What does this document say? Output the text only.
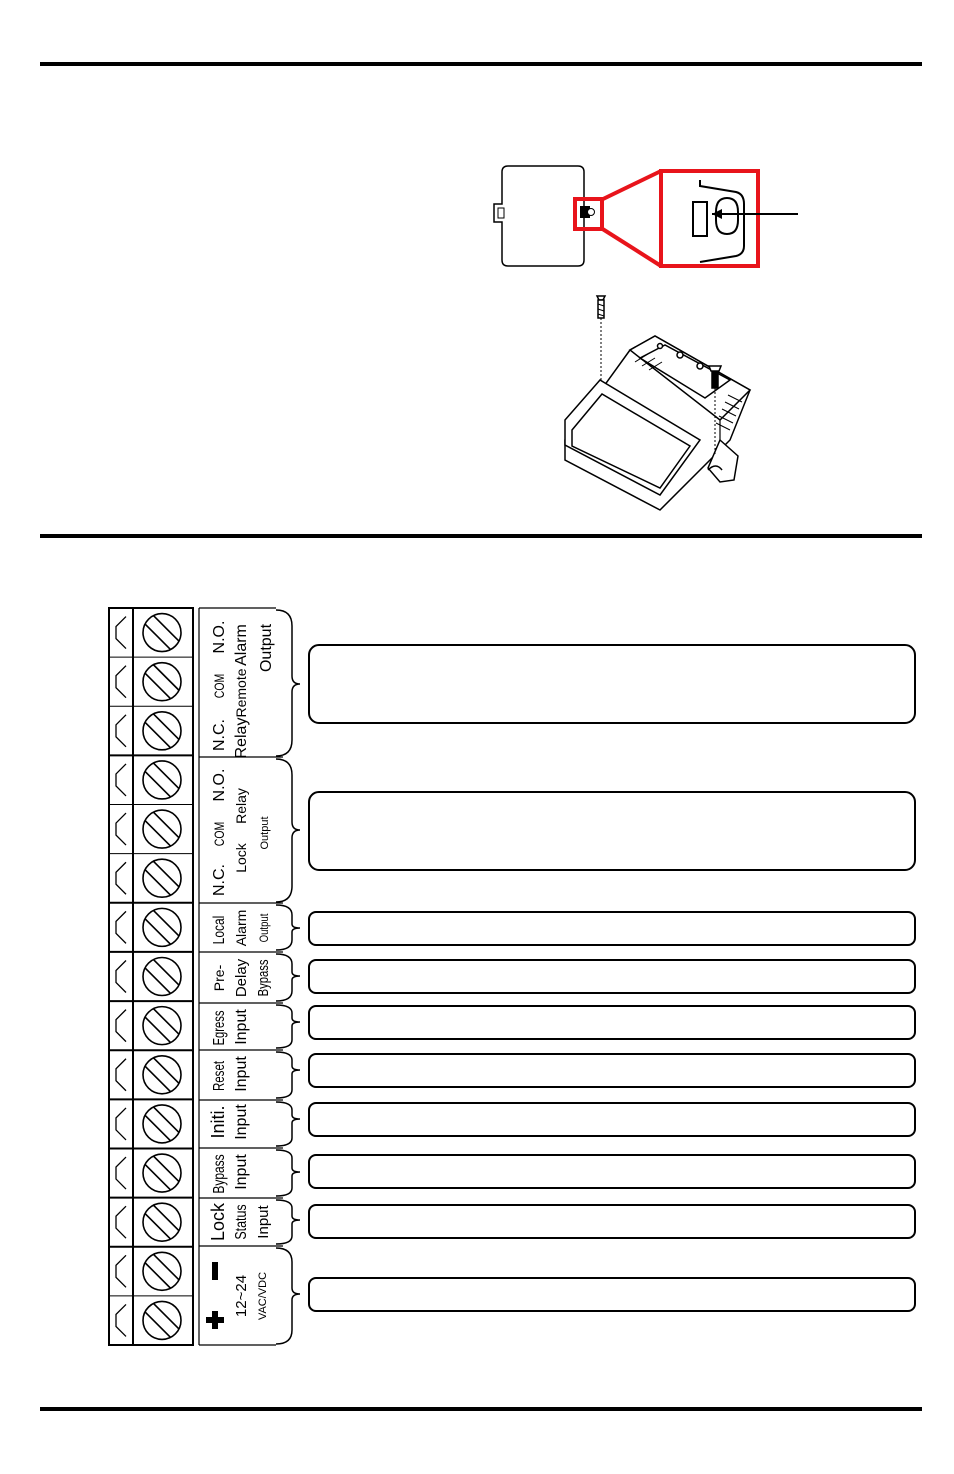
N.O.
COM
N.C.
Alarm
Remote
Relay
Output
N.O.
COM
N.C.
Relay
Lock
Output
Local Alarm Output
Pre- Delay Bypass
Egress Input
Reset Input
Initi. Input
Bypass Input
Lock Status Input
12~24 VAC/VDC
